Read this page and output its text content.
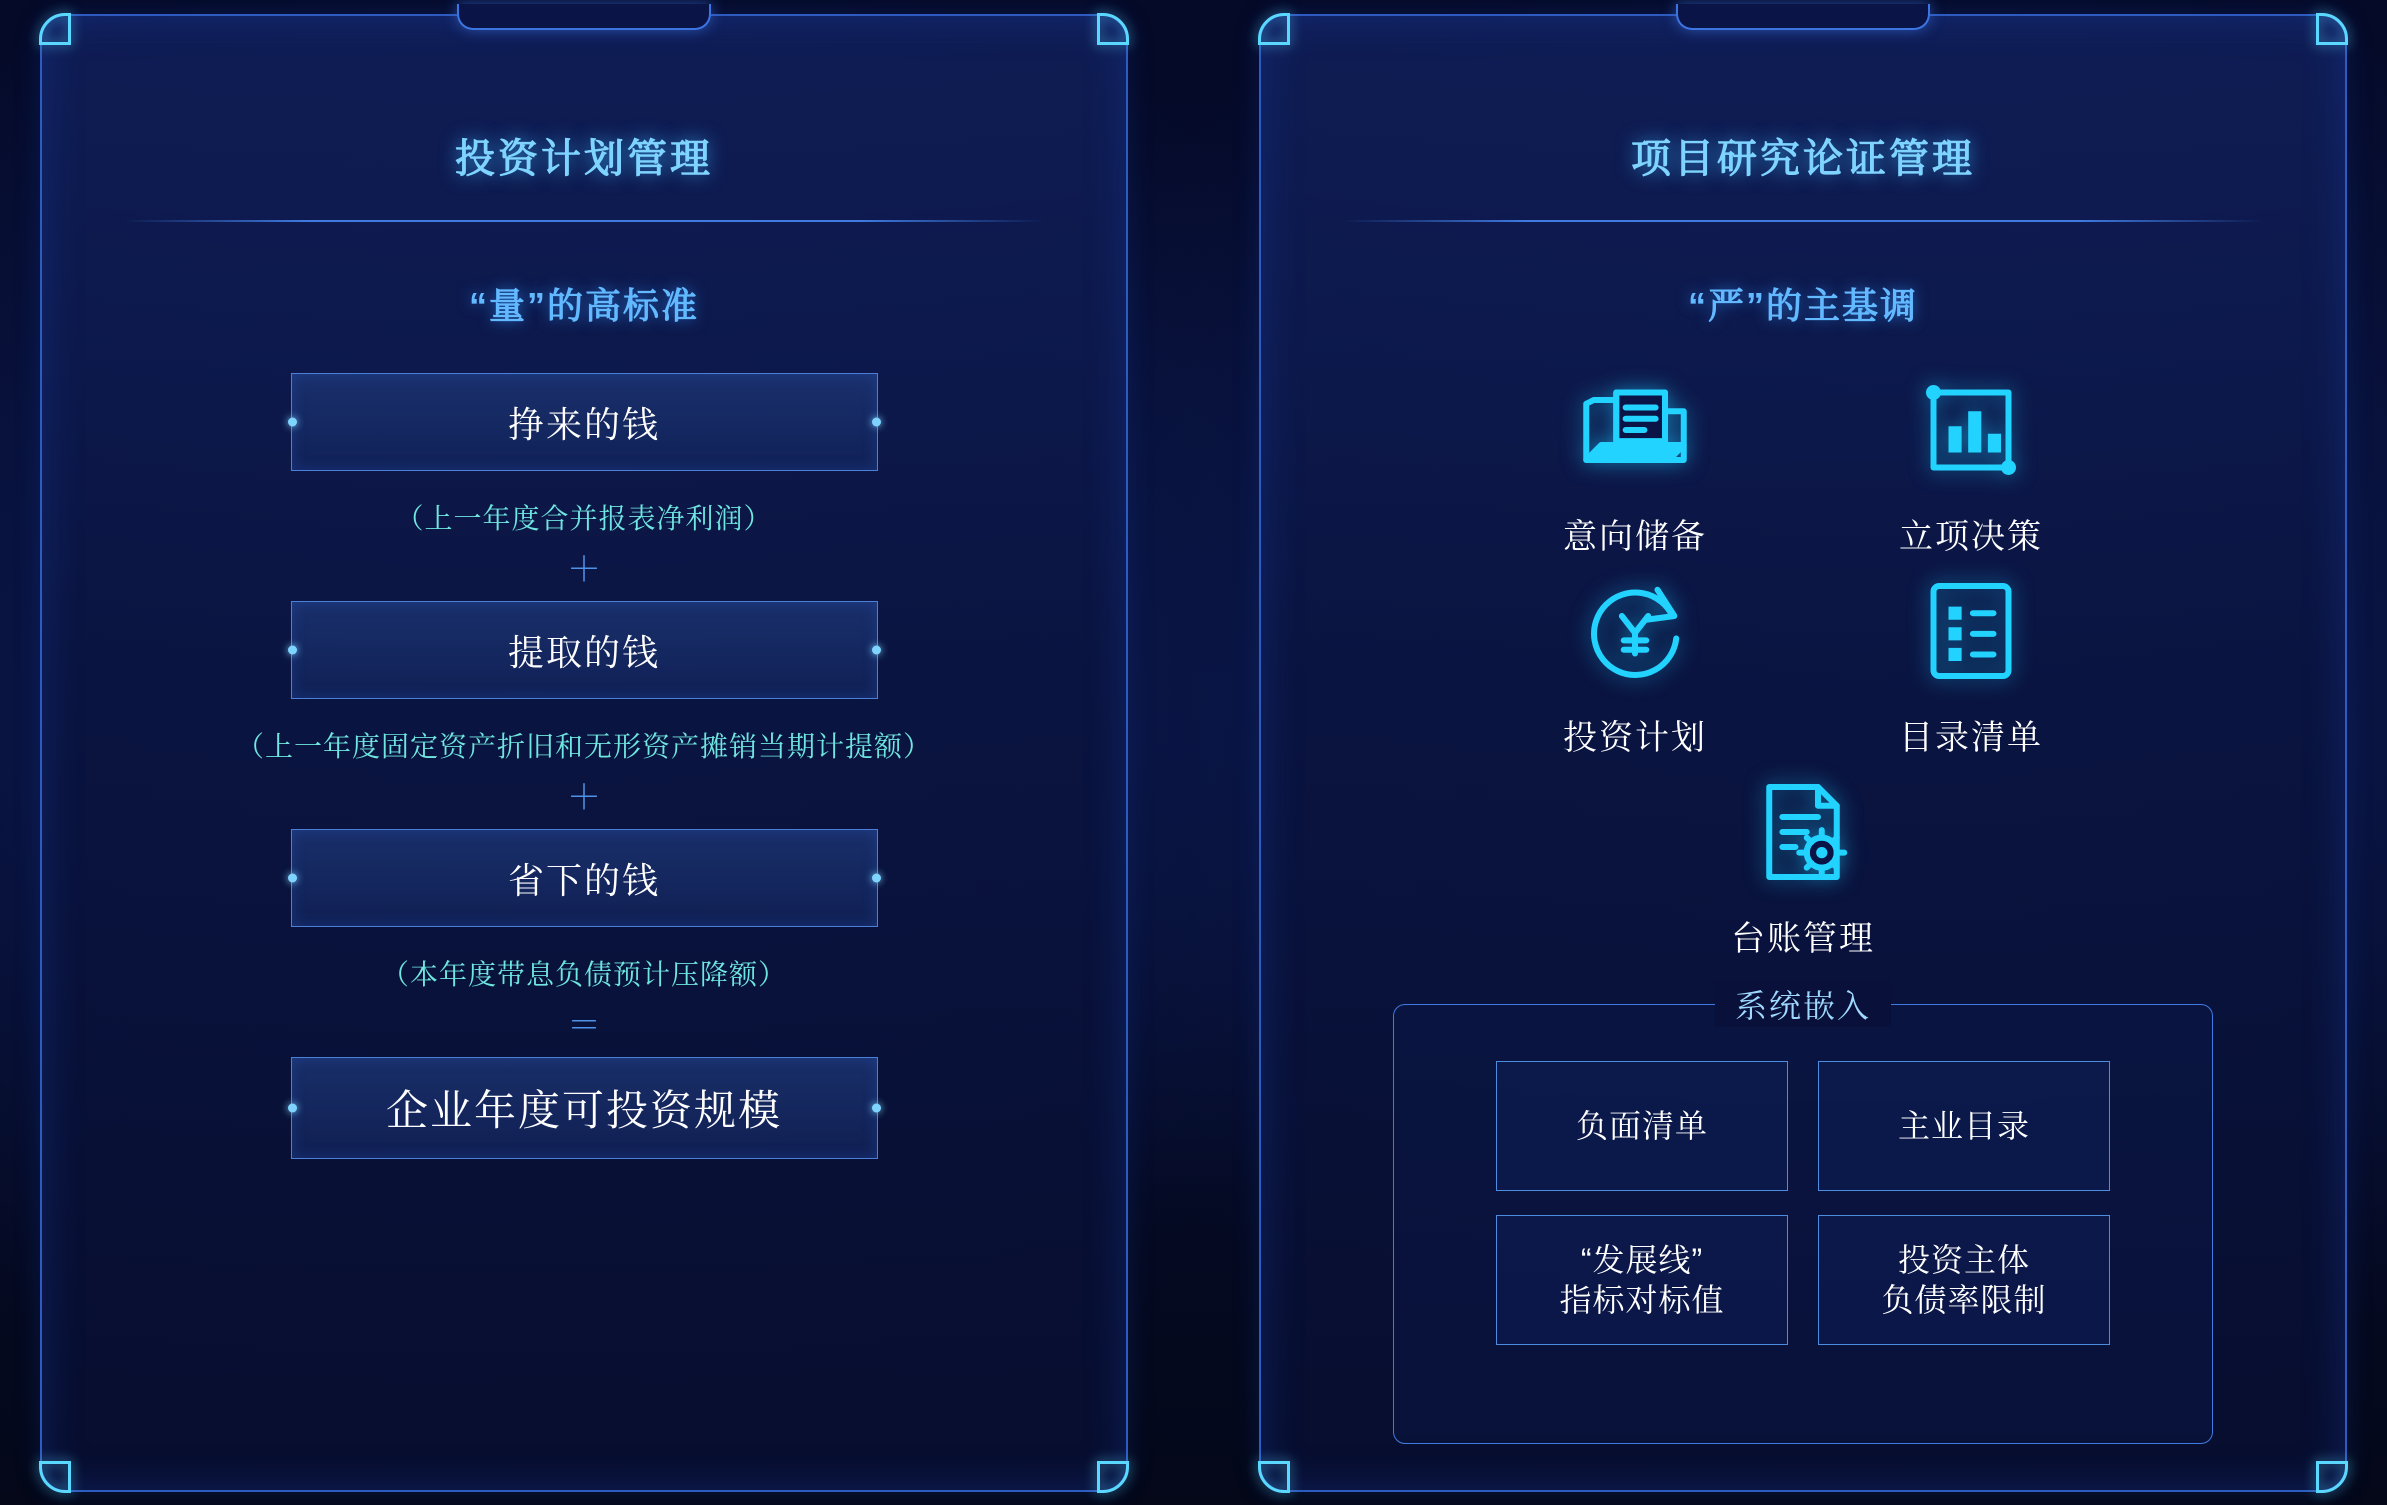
投资计划管理
“量”的高标准
挣来的钱

（上一年度合并报表净利润）

＋

提取的钱

（上一年度固定资产折旧和无形资产摊销当期计提额）

＋

省下的钱

（本年度带息负债预计压降额）

＝

企业年度可投资规模
项目研究论证管理
“严”的主基调
意向储备	立项决策
投资计划	目录清单
台账管理
系统嵌入
负面清单	主业目录
“发展线”
指标对标值
投资主体
负债率限制
